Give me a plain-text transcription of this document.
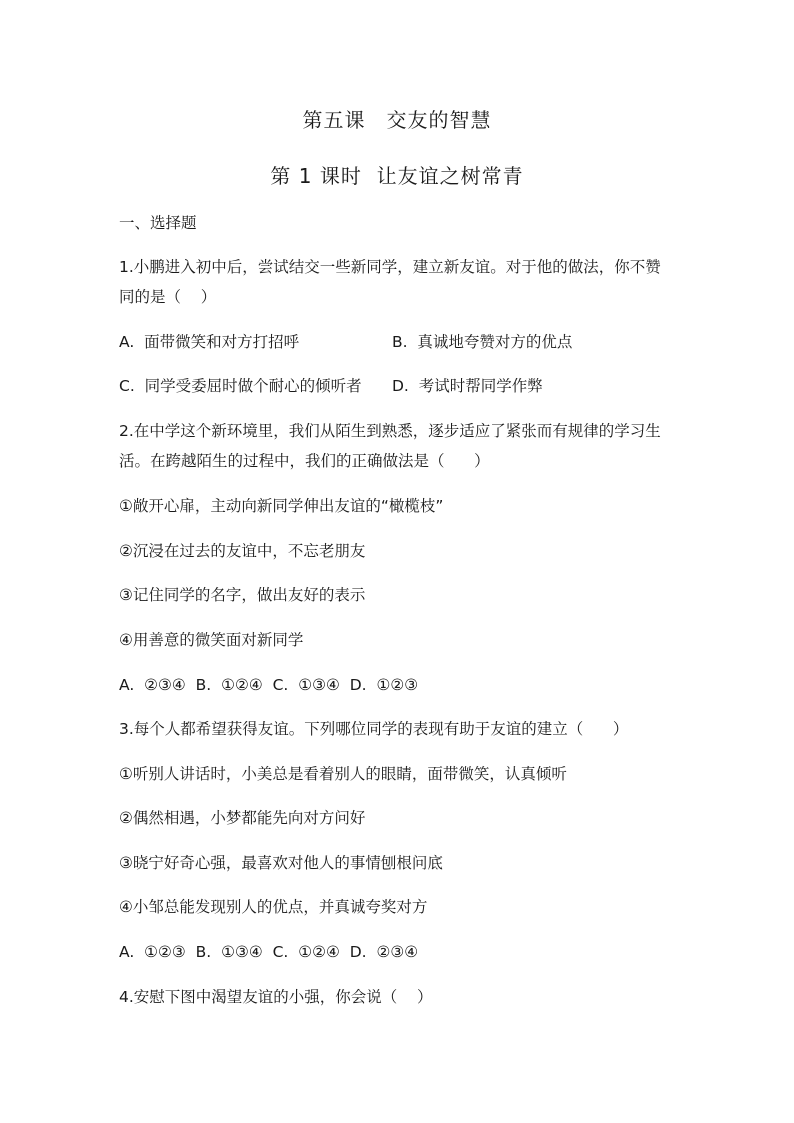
第五课　交友的智慧
第 1 课时  让友谊之树常青
一、选择题
1.小鹏进入初中后，尝试结交一些新同学，建立新友谊。对于他的做法，你不赞
同的是（    ）
A.  面带微笑和对方打招呼	B.  真诚地夸赞对方的优点
C.  同学受委屈时做个耐心的倾听者 D.  考试时帮同学作弊
2.在中学这个新环境里，我们从陌生到熟悉，逐步适应了紧张而有规律的学习生
活。在跨越陌生的过程中，我们的正确做法是（      ）
①敞开心扉，主动向新同学伸出友谊的“橄榄枝”
②沉浸在过去的友谊中，不忘老朋友
③记住同学的名字，做出友好的表示
④用善意的微笑面对新同学
A.  ②③④  B.  ①②④  C.  ①③④  D.  ①②③
3.每个人都希望获得友谊。下列哪位同学的表现有助于友谊的建立（      ）
①听别人讲话时，小美总是看着别人的眼睛，面带微笑，认真倾听
②偶然相遇，小梦都能先向对方问好
③晓宁好奇心强，最喜欢对他人的事情刨根问底
④小邹总能发现别人的优点，并真诚夸奖对方
A.  ①②③  B.  ①③④  C.  ①②④  D.  ②③④
4.安慰下图中渴望友谊的小强，你会说（    ）
